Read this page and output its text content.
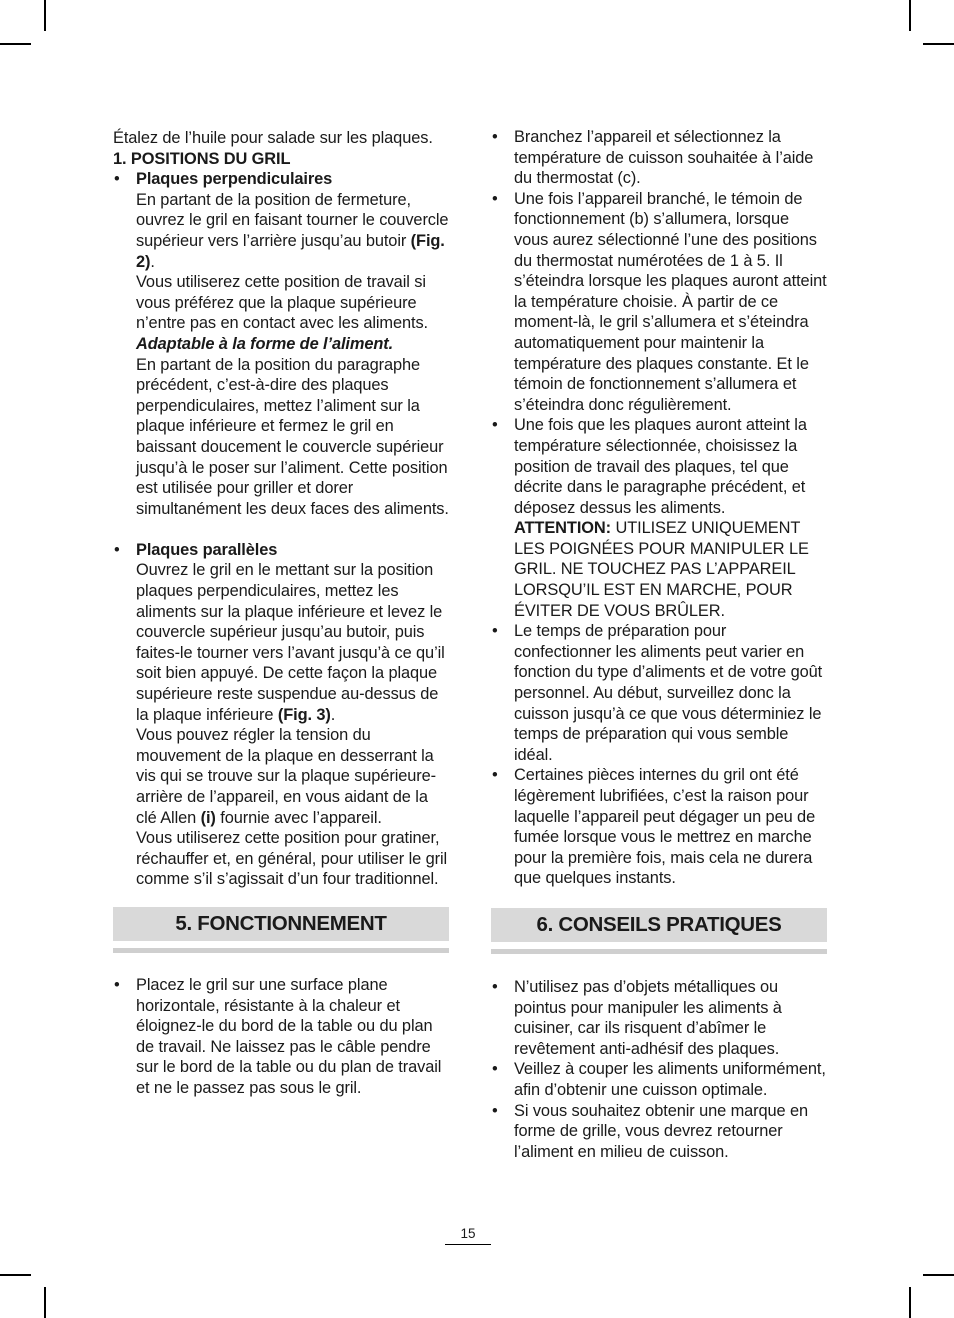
Étalez de l’huile pour salade sur les plaques.

1. POSITIONS DU GRIL

• Plaques perpendiculaires

En partant de la position de fermeture, ouvrez le gril en faisant tourner le couvercle supérieur vers l’arrière jusqu’au butoir (Fig. 2).

Vous utiliserez cette position de travail si vous préférez que la plaque supérieure n’entre pas en contact avec les aliments.

Adaptable à la forme de l’aliment.

En partant de la position du paragraphe précédent, c’est-à-dire des plaques perpendiculaires, mettez l’aliment sur la plaque inférieure et fermez le gril en baissant doucement le couvercle supérieur jusqu’à le poser sur l’aliment. Cette position est utilisée pour griller et dorer simultanément les deux faces des aliments.

• Plaques parallèles

Ouvrez le gril en le mettant sur la position plaques perpendiculaires, mettez les aliments sur la plaque inférieure et levez le couvercle supérieur jusqu’au butoir, puis faites-le tourner vers l’avant jusqu’à ce qu’il soit bien appuyé. De cette façon la plaque supérieure reste suspendue au-dessus de la plaque inférieure (Fig. 3).

Vous pouvez régler la tension du mouvement de la plaque en desserrant la vis qui se trouve sur la plaque supérieure-arrière de l’appareil, en vous aidant de la clé Allen (i) fournie avec l’appareil.

Vous utiliserez cette position pour gratiner, réchauffer et, en général, pour utiliser le gril comme s’il s’agissait d’un four traditionnel.

5. FONCTIONNEMENT

• Placez le gril sur une surface plane horizontale, résistante à la chaleur et éloignez-le du bord de la table ou du plan de travail. Ne laissez pas le câble pendre sur le bord de la table ou du plan de travail et ne le passez pas sous le gril.

• Branchez l’appareil et sélectionnez la température de cuisson souhaitée à l’aide du thermostat (c).

• Une fois l’appareil branché, le témoin de fonctionnement (b) s’allumera, lorsque vous aurez sélectionné l’une des positions du thermostat numérotées de 1 à 5. Il s’éteindra lorsque les plaques auront atteint la température choisie. À partir de ce moment-là, le gril s’allumera et s’éteindra automatiquement pour maintenir la température des plaques constante. Et le témoin de fonctionnement s’allumera et s’éteindra donc régulièrement.

• Une fois que les plaques auront atteint la température sélectionnée, choisissez la position de travail des plaques, tel que décrite dans le paragraphe précédent, et déposez dessus les aliments.

ATTENTION: UTILISEZ UNIQUEMENT LES POIGNÉES POUR MANIPULER LE GRIL. NE TOUCHEZ PAS L’APPAREIL LORSQU’IL EST EN MARCHE, POUR ÉVITER DE VOUS BRÛLER.

• Le temps de préparation pour confectionner les aliments peut varier en fonction du type d’aliments et de votre goût personnel. Au début, surveillez donc la cuisson jusqu’à ce que vous déterminiez le temps de préparation qui vous semble idéal.

• Certaines pièces internes du gril ont été légèrement lubrifiées, c’est la raison pour laquelle l’appareil peut dégager un peu de fumée lorsque vous le mettrez en marche pour la première fois, mais cela ne durera que quelques instants.

6. CONSEILS PRATIQUES

• N’utilisez pas d’objets métalliques ou pointus pour manipuler les aliments à cuisiner, car ils risquent d’abîmer le revêtement anti-adhésif des plaques.

• Veillez à couper les aliments uniformément, afin d’obtenir une cuisson optimale.

• Si vous souhaitez obtenir une marque en forme de grille, vous devrez retourner l’aliment en milieu de cuisson.

15
